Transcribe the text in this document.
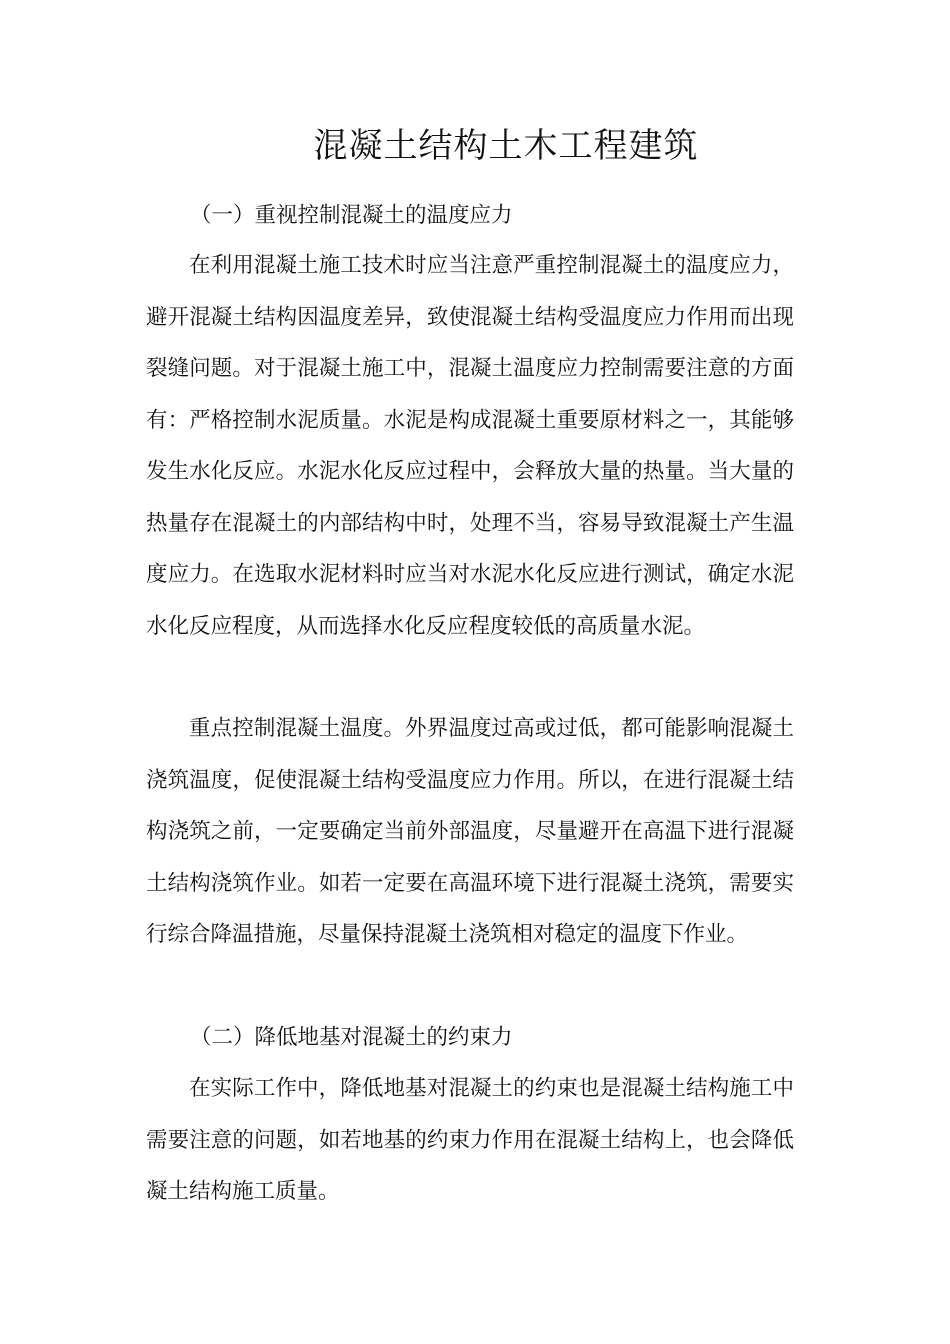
混凝土结构土木工程建筑
（一）重视控制混凝土的温度应力

在利用混凝土施工技术时应当注意严重控制混凝土的温度应力，避开混凝土结构因温度差异，致使混凝土结构受温度应力作用而出现裂缝问题。对于混凝土施工中，混凝土温度应力控制需要注意的方面有：严格控制水泥质量。水泥是构成混凝土重要原材料之一，其能够发生水化反应。水泥水化反应过程中，会释放大量的热量。当大量的热量存在混凝土的内部结构中时，处理不当，容易导致混凝土产生温度应力。在选取水泥材料时应当对水泥水化反应进行测试，确定水泥水化反应程度，从而选择水化反应程度较低的高质量水泥。

重点控制混凝土温度。外界温度过高或过低，都可能影响混凝土浇筑温度，促使混凝土结构受温度应力作用。所以，在进行混凝土结构浇筑之前，一定要确定当前外部温度，尽量避开在高温下进行混凝土结构浇筑作业。如若一定要在高温环境下进行混凝土浇筑，需要实行综合降温措施，尽量保持混凝土浇筑相对稳定的温度下作业。

（二）降低地基对混凝土的约束力

在实际工作中，降低地基对混凝土的约束也是混凝土结构施工中需要注意的问题，如若地基的约束力作用在混凝土结构上，也会降低凝土结构施工质量。
